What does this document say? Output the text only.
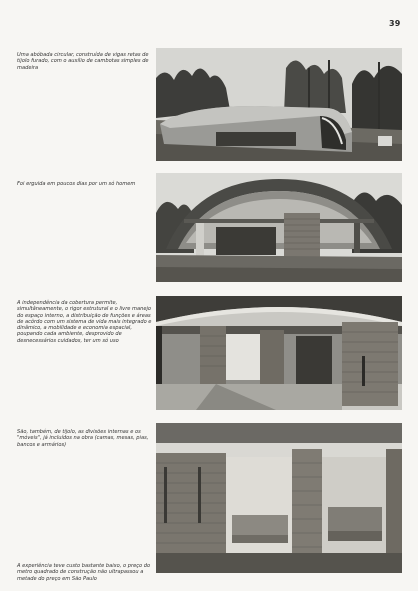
39
Uma abóbada circular, construída de vigas retas de tijolo furado, com o auxílio de cambotas simples de madeira
Foi erguida em poucos dias por um só homem
A independência da cobertura permite, simultâneamente, o rigor estrutural e o livre manejo do espaço interno, a distribuição de funções e áreas de acôrdo com um sistema de vida mais integrado e dinâmico, a mobilidade e economia espacial, poupando cada ambiente, desprovido de desnecessários cuidados, ter um só uso
São, também, de tijolo, as divisões internas e os "móveis", já incluídos na obra (camas, mesas, pias, bancos e armários)
A experiência teve custo bastante baixo, o preço do metro quadrado de construção não ultrapassou a metade do preço em São Paulo
